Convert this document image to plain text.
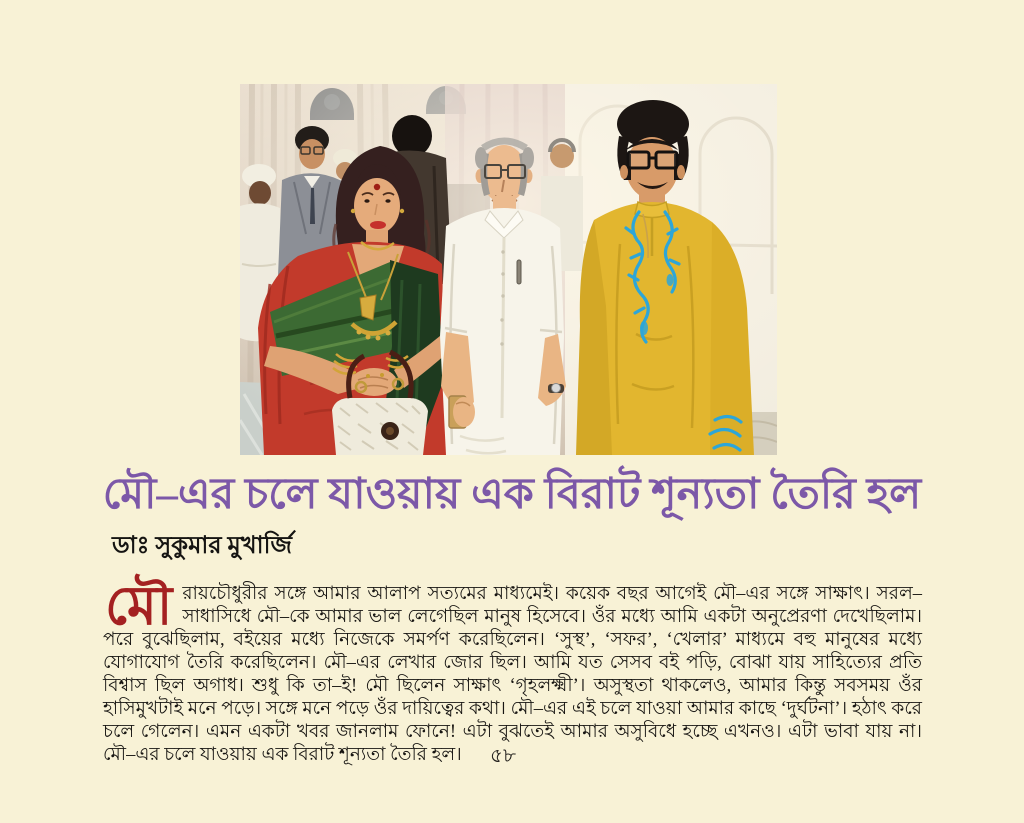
মৌ–এর চলে যাওয়ায় এক বিরাট শূন্যতা তৈরি হল
ডাঃ সুকুমার মুখার্জি
মৌরায়চৌধুরীর সঙ্গে আমার আলাপ সত্যমের মাধ্যমেই। কয়েক বছর আগেই মৌ–এর সঙ্গে সাক্ষাৎ। সরল–সাধাসিধে মৌ–কে আমার ভাল লেগেছিল মানুষ হিসেবে। ওঁর মধ্যে আমি একটা অনুপ্রেরণা দেখেছিলাম। পরে বুঝেছিলাম, বইয়ের মধ্যে নিজেকে সমর্পণ করেছিলেন। ‘সুস্থ’, ‘সফর’, ‘খেলার’ মাধ্যমে বহু মানুষের মধ্যে যোগাযোগ তৈরি করেছিলেন। মৌ–এর লেখার জোর ছিল। আমি যত সেসব বই পড়ি, বোঝা যায় সাহিত্যের প্রতি বিশ্বাস ছিল অগাধ। শুধু কি তা–ই! মৌ ছিলেন সাক্ষাৎ ‘গৃহলক্ষ্মী’। অসুস্থতা থাকলেও, আমার কিন্তু সবসময় ওঁর হাসিমুখটাই মনে পড়ে। সঙ্গে মনে পড়ে ওঁর দায়িত্বের কথা। মৌ–এর এই চলে যাওয়া আমার কাছে ‘দুর্ঘটনা’। হঠাৎ করে চলে গেলেন। এমন একটা খবর জানলাম ফোনে! এটা বুঝতেই আমার অসুবিধে হচ্ছে এখনও। এটা ভাবা যায় না। মৌ–এর চলে যাওয়ায় এক বিরাট শূন্যতা তৈরি হল।	৫৮
